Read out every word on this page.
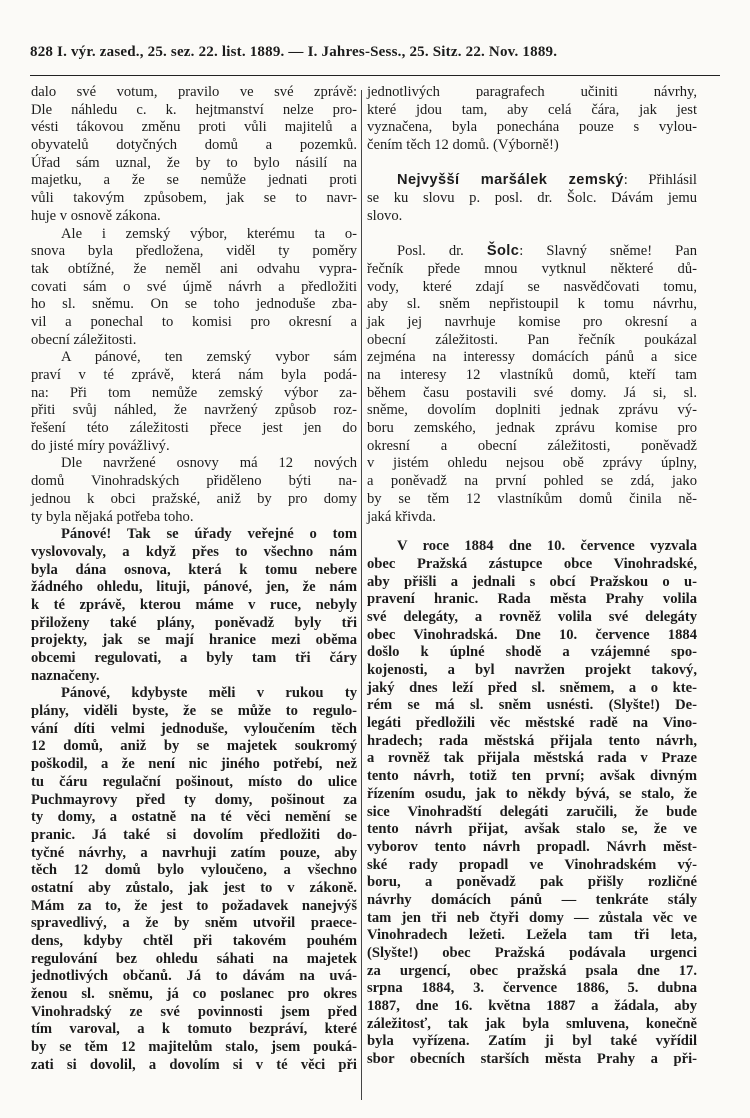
828 I. výr. zased., 25. sez. 22. list. 1889. — I. Jahres-Sess., 25. Sitz. 22. Nov. 1889.
dalo své votum, pravilo ve své zprávě:
Dle náhledu c. k. hejtmanství nelze pro-
vésti tákovou změnu proti vůli majitelů a
obyvatelů dotyčných domů a pozemků.
Úřad sám uznal, že by to bylo násilí na
majetku, a že se nemůže jednati proti
vůli takovým způsobem, jak se to navr-
huje v osnově zákona.
Ale i zemský výbor, kterému ta o-
snova byla předložena, viděl ty poměry
tak obtížné, že neměl ani odvahu vypra-
covati sám o své újmě návrh a předložiti
ho sl. sněmu. On se toho jednoduše zba-
vil a ponechal to komisi pro okresní a
obecní záležitosti.
A pánové, ten zemský vybor sám
praví v té zprávě, která nám byla podá-
na: Při tom nemůže zemský výbor za-
přiti svůj náhled, že navržený způsob roz-
řešení této záležitosti přece jest jen do
do jisté míry povážlivý.
Dle navržené osnovy má 12 nových
domů Vinohradských přiděleno býti na-
jednou k obci pražské, aniž by pro domy
ty byla nějaká potřeba toho.
Pánové! Tak se úřady veřejné o tom
vyslovovaly, a když přes to všechno nám
byla dána osnova, která k tomu nebere
žádného ohledu, lituji, pánové, jen, že nám
k té zprávě, kterou máme v ruce, nebyly
přiloženy také plány, poněvadž byly tři
projekty, jak se mají hranice mezi oběma
obcemi regulovati, a byly tam tři čáry
naznačeny.
Pánové, kdybyste měli v rukou ty
plány, viděli byste, že se může to regulo-
vání díti velmi jednoduše, vyloučením těch
12 domů, aniž by se majetek soukromý
poškodil, a že není nic jiného potřebí, než
tu čáru regulační pošinout, místo do ulice
Puchmayrovy před ty domy, pošinout za
ty domy, a ostatně na té věci nemění se
pranic. Já také si dovolím předložiti do-
tyčné návrhy, a navrhuji zatím pouze, aby
těch 12 domů bylo vyloučeno, a všechno
ostatní aby zůstalo, jak jest to v zákoně.
Mám za to, že jest to požadavek nanejvýš
spravedlivý, a že by sněm utvořil praece-
dens, kdyby chtěl při takovém pouhém
regulování bez ohledu sáhati na majetek
jednotlivých občanů. Já to dávám na uvá-
ženou sl. sněmu, já co poslanec pro okres
Vinohradský ze své povinnosti jsem před
tím varoval, a k tomuto bezpráví, které
by se těm 12 majitelům stalo, jsem pouká-
zati si dovolil, a dovolím si v té věci při
jednotlivých paragrafech učiniti návrhy,
které jdou tam, aby celá čára, jak jest
vyznačena, byla ponechána pouze s vylou-
čením těch 12 domů. (Výborně!)
Nejvyšší maršálek zemský: Přihlásil
se ku slovu p. posl. dr. Šolc. Dávám jemu
slovo.
Posl. dr. Šolc: Slavný sněme! Pan
řečník přede mnou vytknul některé dů-
vody, které zdají se nasvědčovati tomu,
aby sl. sněm nepřistoupil k tomu návrhu,
jak jej navrhuje komise pro okresní a
obecní záležitosti. Pan řečník poukázal
zejména na interessy domácích pánů a sice
na interesy 12 vlastníků domů, kteří tam
během času postavili své domy. Já si, sl.
sněme, dovolím doplniti jednak zprávu vý-
boru zemského, jednak zprávu komise pro
okresní a obecní záležitosti, poněvadž
v jistém ohledu nejsou obě zprávy úplny,
a poněvadž na první pohled se zdá, jako
by se těm 12 vlastníkům domů činila ně-
jaká křivda.
V roce 1884 dne 10. července vyzvala
obec Pražská zástupce obce Vinohradské,
aby přišli a jednali s obcí Pražskou o u-
pravení hranic. Rada města Prahy volila
své delegáty, a rovněž volila své delegáty
obec Vinohradská. Dne 10. července 1884
došlo k úplné shodě a vzájemné spo-
kojenosti, a byl navržen projekt takový,
jaký dnes leží před sl. sněmem, a o kte-
rém se má sl. sněm usnésti. (Slyšte!) De-
legáti předložili věc městské radě na Vino-
hradech; rada městská přijala tento návrh,
a rovněž tak přijala městská rada v Praze
tento návrh, totiž ten první; avšak divným
řízením osudu, jak to někdy bývá, se stalo, že
sice Vinohradští delegáti zaručili, že bude
tento návrh přijat, avšak stalo se, že ve
vyborov tento návrh propadl. Návrh měst-
ské rady propadl ve Vinohradském vý-
boru, a poněvadž pak přišly rozličné
návrhy domácích pánů — tenkráte stály
tam jen tři neb čtyři domy — zůstala věc ve
Vinohradech ležeti. Ležela tam tři leta,
(Slyšte!) obec Pražská podávala urgenci
za urgencí, obec pražská psala dne 17.
srpna 1884, 3. července 1886, 5. dubna
1887, dne 16. května 1887 a žádala, aby
záležitosť, tak jak byla smluvena, konečně
byla vyřízena. Zatím ji byl také vyřídil
sbor obecních starších města Prahy a při-
